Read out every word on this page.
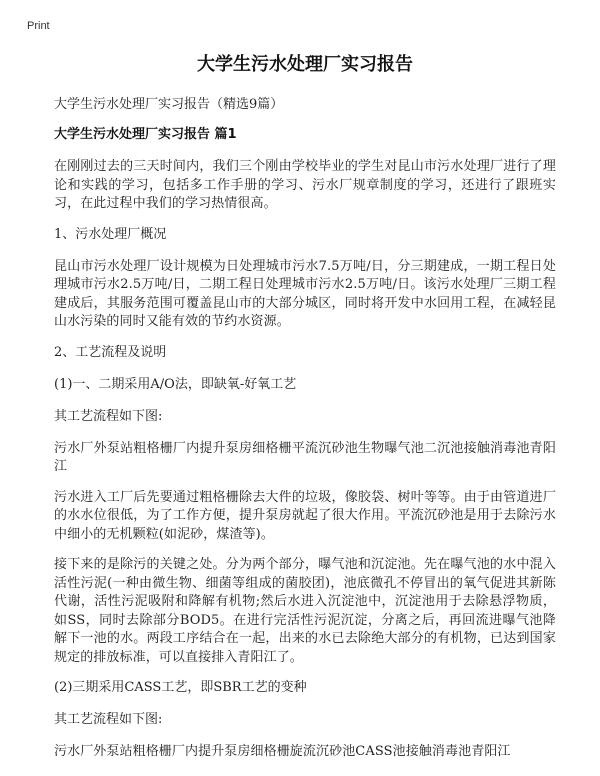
Print
大学生污水处理厂实习报告
大学生污水处理厂实习报告（精选9篇）
大学生污水处理厂实习报告 篇1

在刚刚过去的三天时间内，我们三个刚由学校毕业的学生对昆山市污水处理厂进行了理论和实践的学习，包括多工作手册的学习、污水厂规章制度的学习，还进行了跟班实习，在此过程中我们的学习热情很高。

1、污水处理厂概况

昆山市污水处理厂设计规模为日处理城市污水7.5万吨/日，分三期建成，一期工程日处理城市污水2.5万吨/日，二期工程日处理城市污水2.5万吨/日。该污水处理厂三期工程建成后，其服务范围可覆盖昆山市的大部分城区，同时将开发中水回用工程，在减轻昆山水污染的同时又能有效的节约水资源。

2、工艺流程及说明

(1)一、二期采用A/O法，即缺氧-好氧工艺

其工艺流程如下图:

污水厂外泵站粗格栅厂内提升泵房细格栅平流沉砂池生物曝气池二沉池接触消毒池青阳江

污水进入工厂后先要通过粗格栅除去大件的垃圾，像胶袋、树叶等等。由于由管道进厂的水水位很低，为了工作方便，提升泵房就起了很大作用。平流沉砂池是用于去除污水中细小的无机颗粒(如泥砂，煤渣等)。

接下来的是除污的关键之处。分为两个部分，曝气池和沉淀池。先在曝气池的水中混入活性污泥(一种由微生物、细菌等组成的菌胶团)，池底微孔不停冒出的氧气促进其新陈代谢，活性污泥吸附和降解有机物;然后水进入沉淀池中，沉淀池用于去除悬浮物质，如SS，同时去除部分BOD5。在进行完活性污泥沉淀，分离之后，再回流进曝气池降解下一池的水。两段工序结合在一起，出来的水已去除绝大部分的有机物，已达到国家规定的排放标准，可以直接排入青阳江了。

(2)三期采用CASS工艺，即SBR工艺的变种

其工艺流程如下图:

污水厂外泵站粗格栅厂内提升泵房细格栅旋流沉砂池CASS池接触消毒池青阳江
